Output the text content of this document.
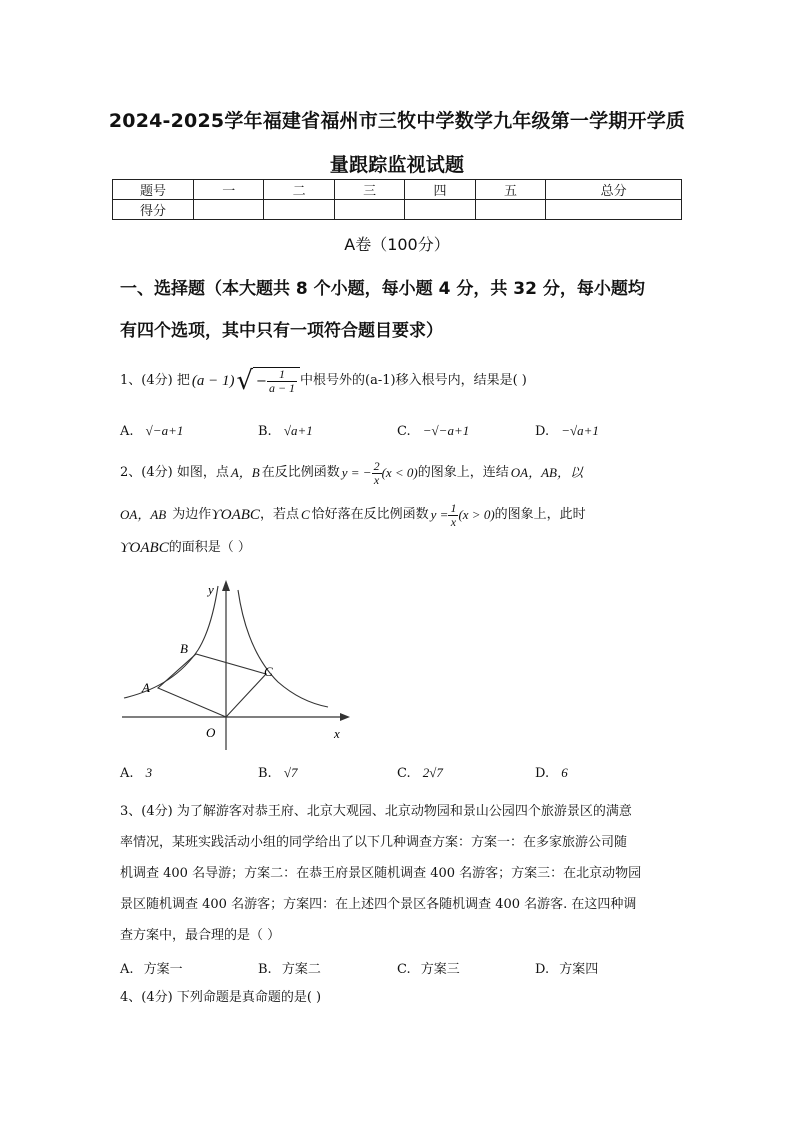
2024-2025学年福建省福州市三牧中学数学九年级第一学期开学质
量跟踪监视试题
题号	一	二	三	四	五	总分
得分						
A卷（100分）
一、选择题（本大题共 8 个小题，每小题 4 分，共 32 分，每小题均
有四个选项，其中只有一项符合题目要求）
1、(4分) 把 (a − 1) √ − $\frac{1}{a - 1}$ 中根号外的(a-1)移入根号内，结果是( )
A. √−a+1	B. √a+1	C. −√−a+1	D. −√a+1
2、(4分) 如图，点 A，B 在反比例函数 y = − $\frac{2}{x} (x < 0)$ 的图象上，连结 OA，AB，以
OA，AB 为边作 ϒOABC ，若点 C 恰好落在反比例函数 $y = \frac{1}{x} (x > 0)$ 的图象上，此时
ϒOABC 的面积是（ ）
y
x
O
A
B
C
A. 3	B. √7	C. 2√7	D. 6
3、(4分) 为了解游客对恭王府、北京大观园、北京动物园和景山公园四个旅游景区的满意
率情况，某班实践活动小组的同学给出了以下几种调查方案：方案一：在多家旅游公司随
机调查 400 名导游；方案二：在恭王府景区随机调查 400 名游客；方案三：在北京动物园
景区随机调查 400 名游客；方案四：在上述四个景区各随机调查 400 名游客. 在这四种调
查方案中，最合理的是（ ）
A. 方案一	B. 方案二	C. 方案三	D. 方案四
4、(4分) 下列命题是真命题的是( )
